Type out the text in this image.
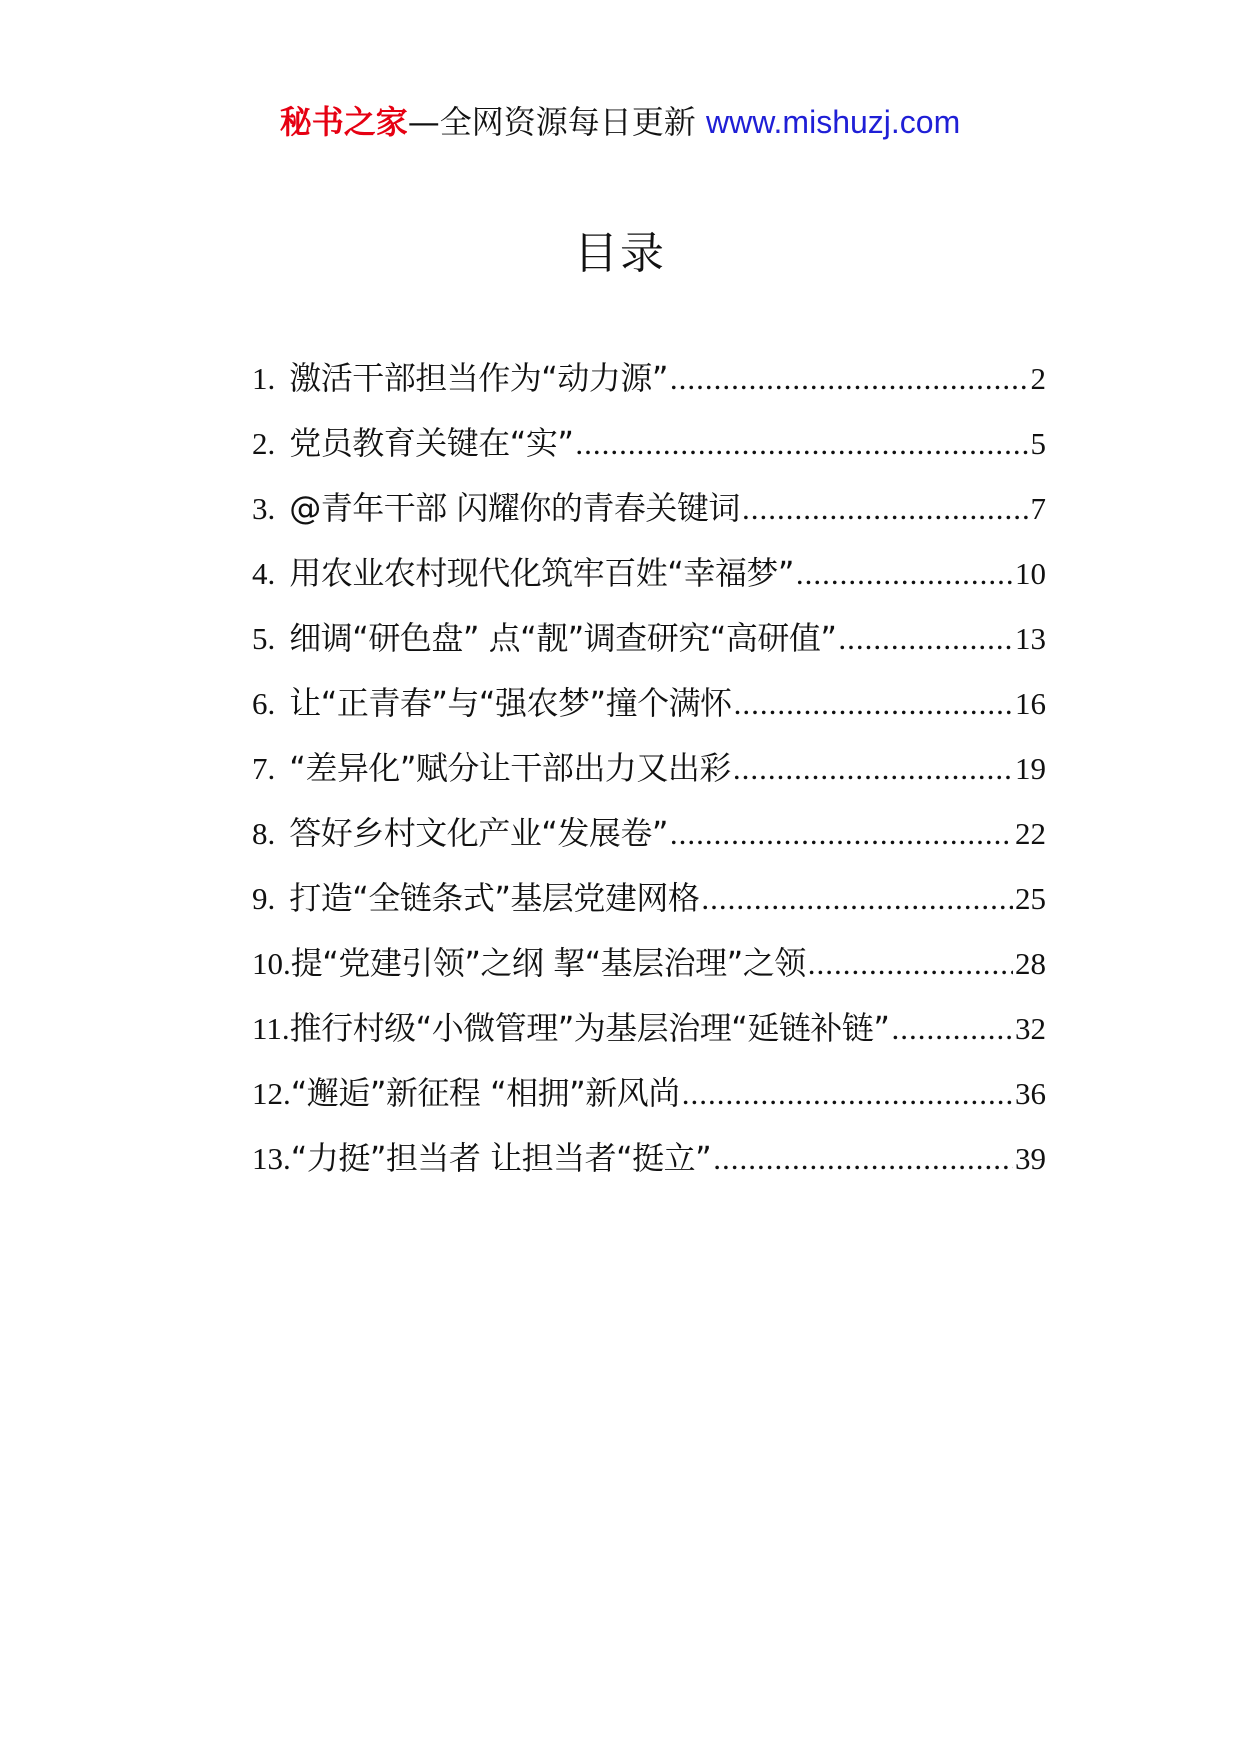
秘书之家—全网资源每日更新 www.mishuzj.com
目录
1. 激活干部担当作为“动力源” .....	2
2. 党员教育关键在“实” .....	5
3. @青年干部 闪耀你的青春关键词 .....	7
4. 用农业农村现代化筑牢百姓“幸福梦” .....	10
5. 细调“研色盘” 点“靓”调查研究“高研值” .....	13
6. 让“正青春”与“强农梦”撞个满怀 .....	16
7. “差异化”赋分让干部出力又出彩 .....	19
8. 答好乡村文化产业“发展卷” .....	22
9. 打造“全链条式”基层党建网格 .....	25
10. 提“党建引领”之纲 挈“基层治理”之领 .....	28
11. 推行村级“小微管理”为基层治理“延链补链” .....	32
12. “邂逅”新征程 “相拥”新风尚 .....	36
13. “力挺”担当者 让担当者“挺立” .....	39
